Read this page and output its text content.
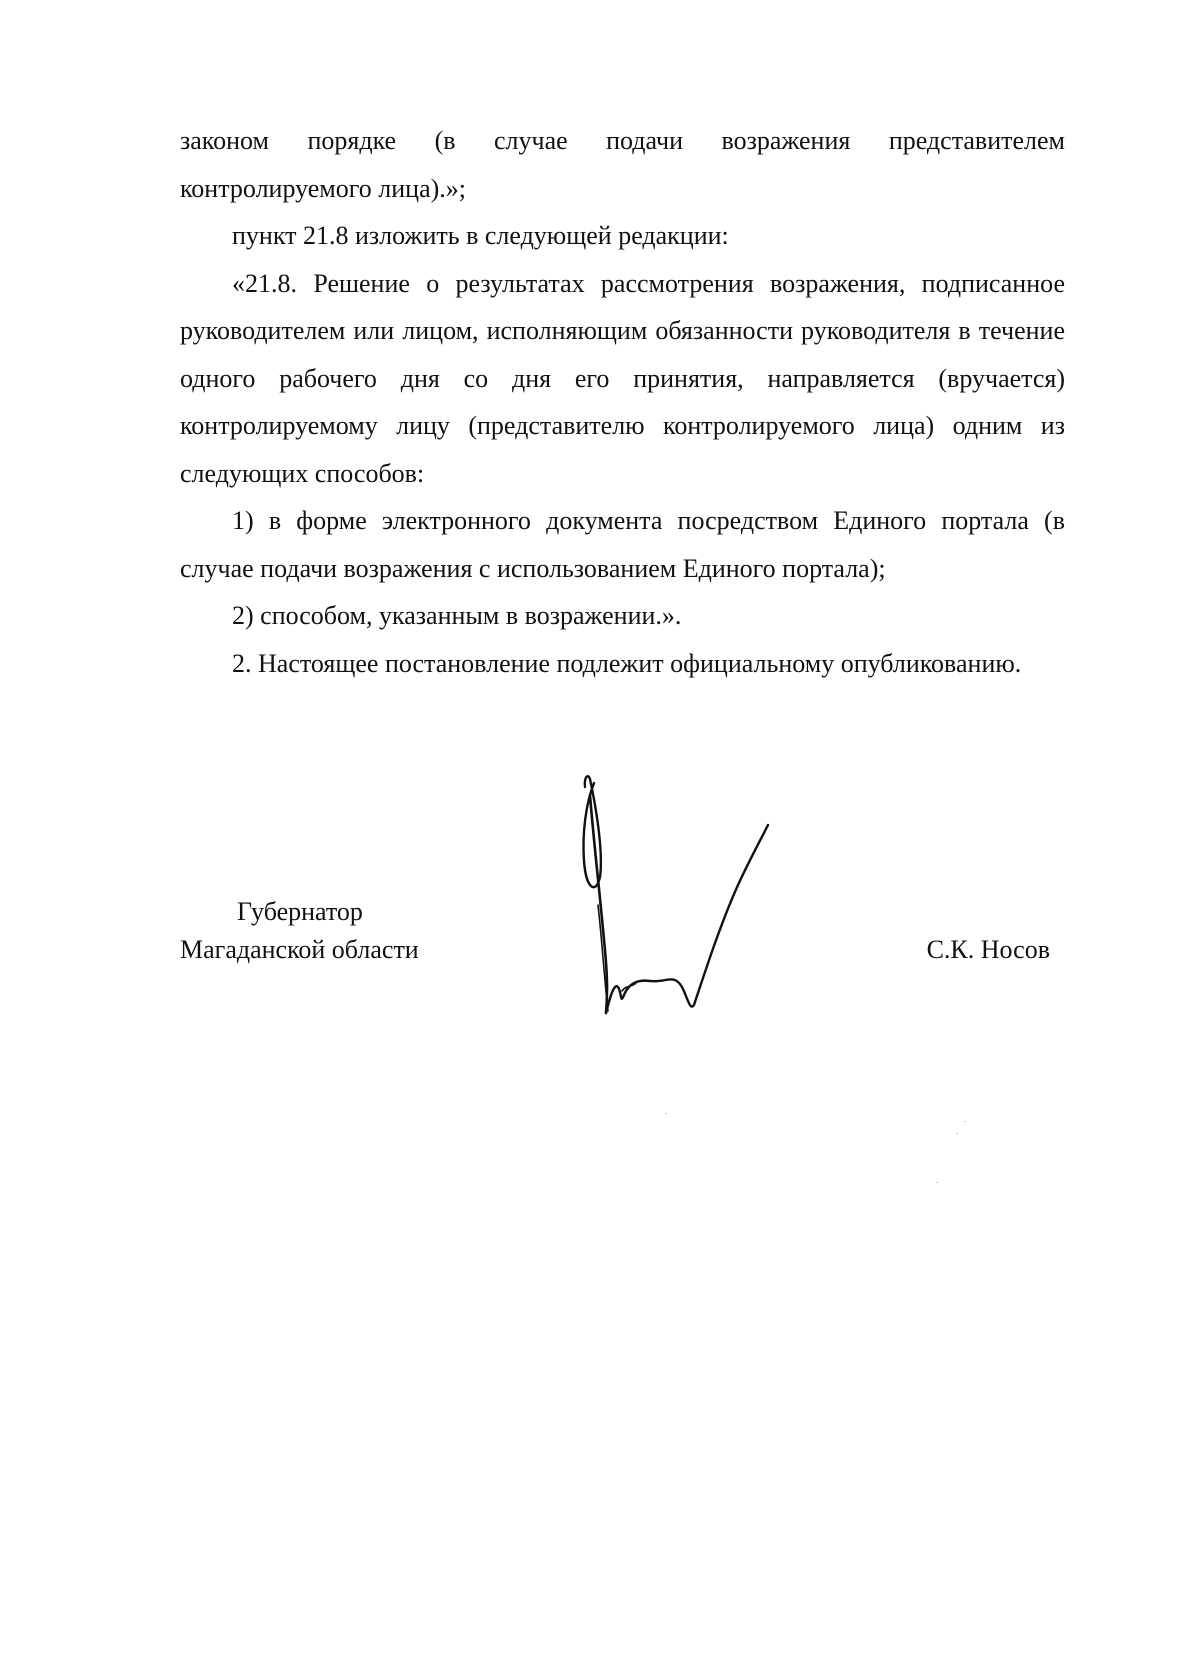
законом порядке (в случае подачи возражения представителем контролируемого лица).»;

пункт 21.8 изложить в следующей редакции:

«21.8. Решение о результатах рассмотрения возражения, подписанное руководителем или лицом, исполняющим обязанности руководителя в течение одного рабочего дня со дня его принятия, направляется (вручается) контролируемому лицу (представителю контролируемого лица) одним из следующих способов:

1) в форме электронного документа посредством Единого портала (в случае подачи возражения с использованием Единого портала);

2) способом, указанным в возражении.».

2. Настоящее постановление подлежит официальному опубликованию.

Губернатор
Магаданской области	С.К. Носов
